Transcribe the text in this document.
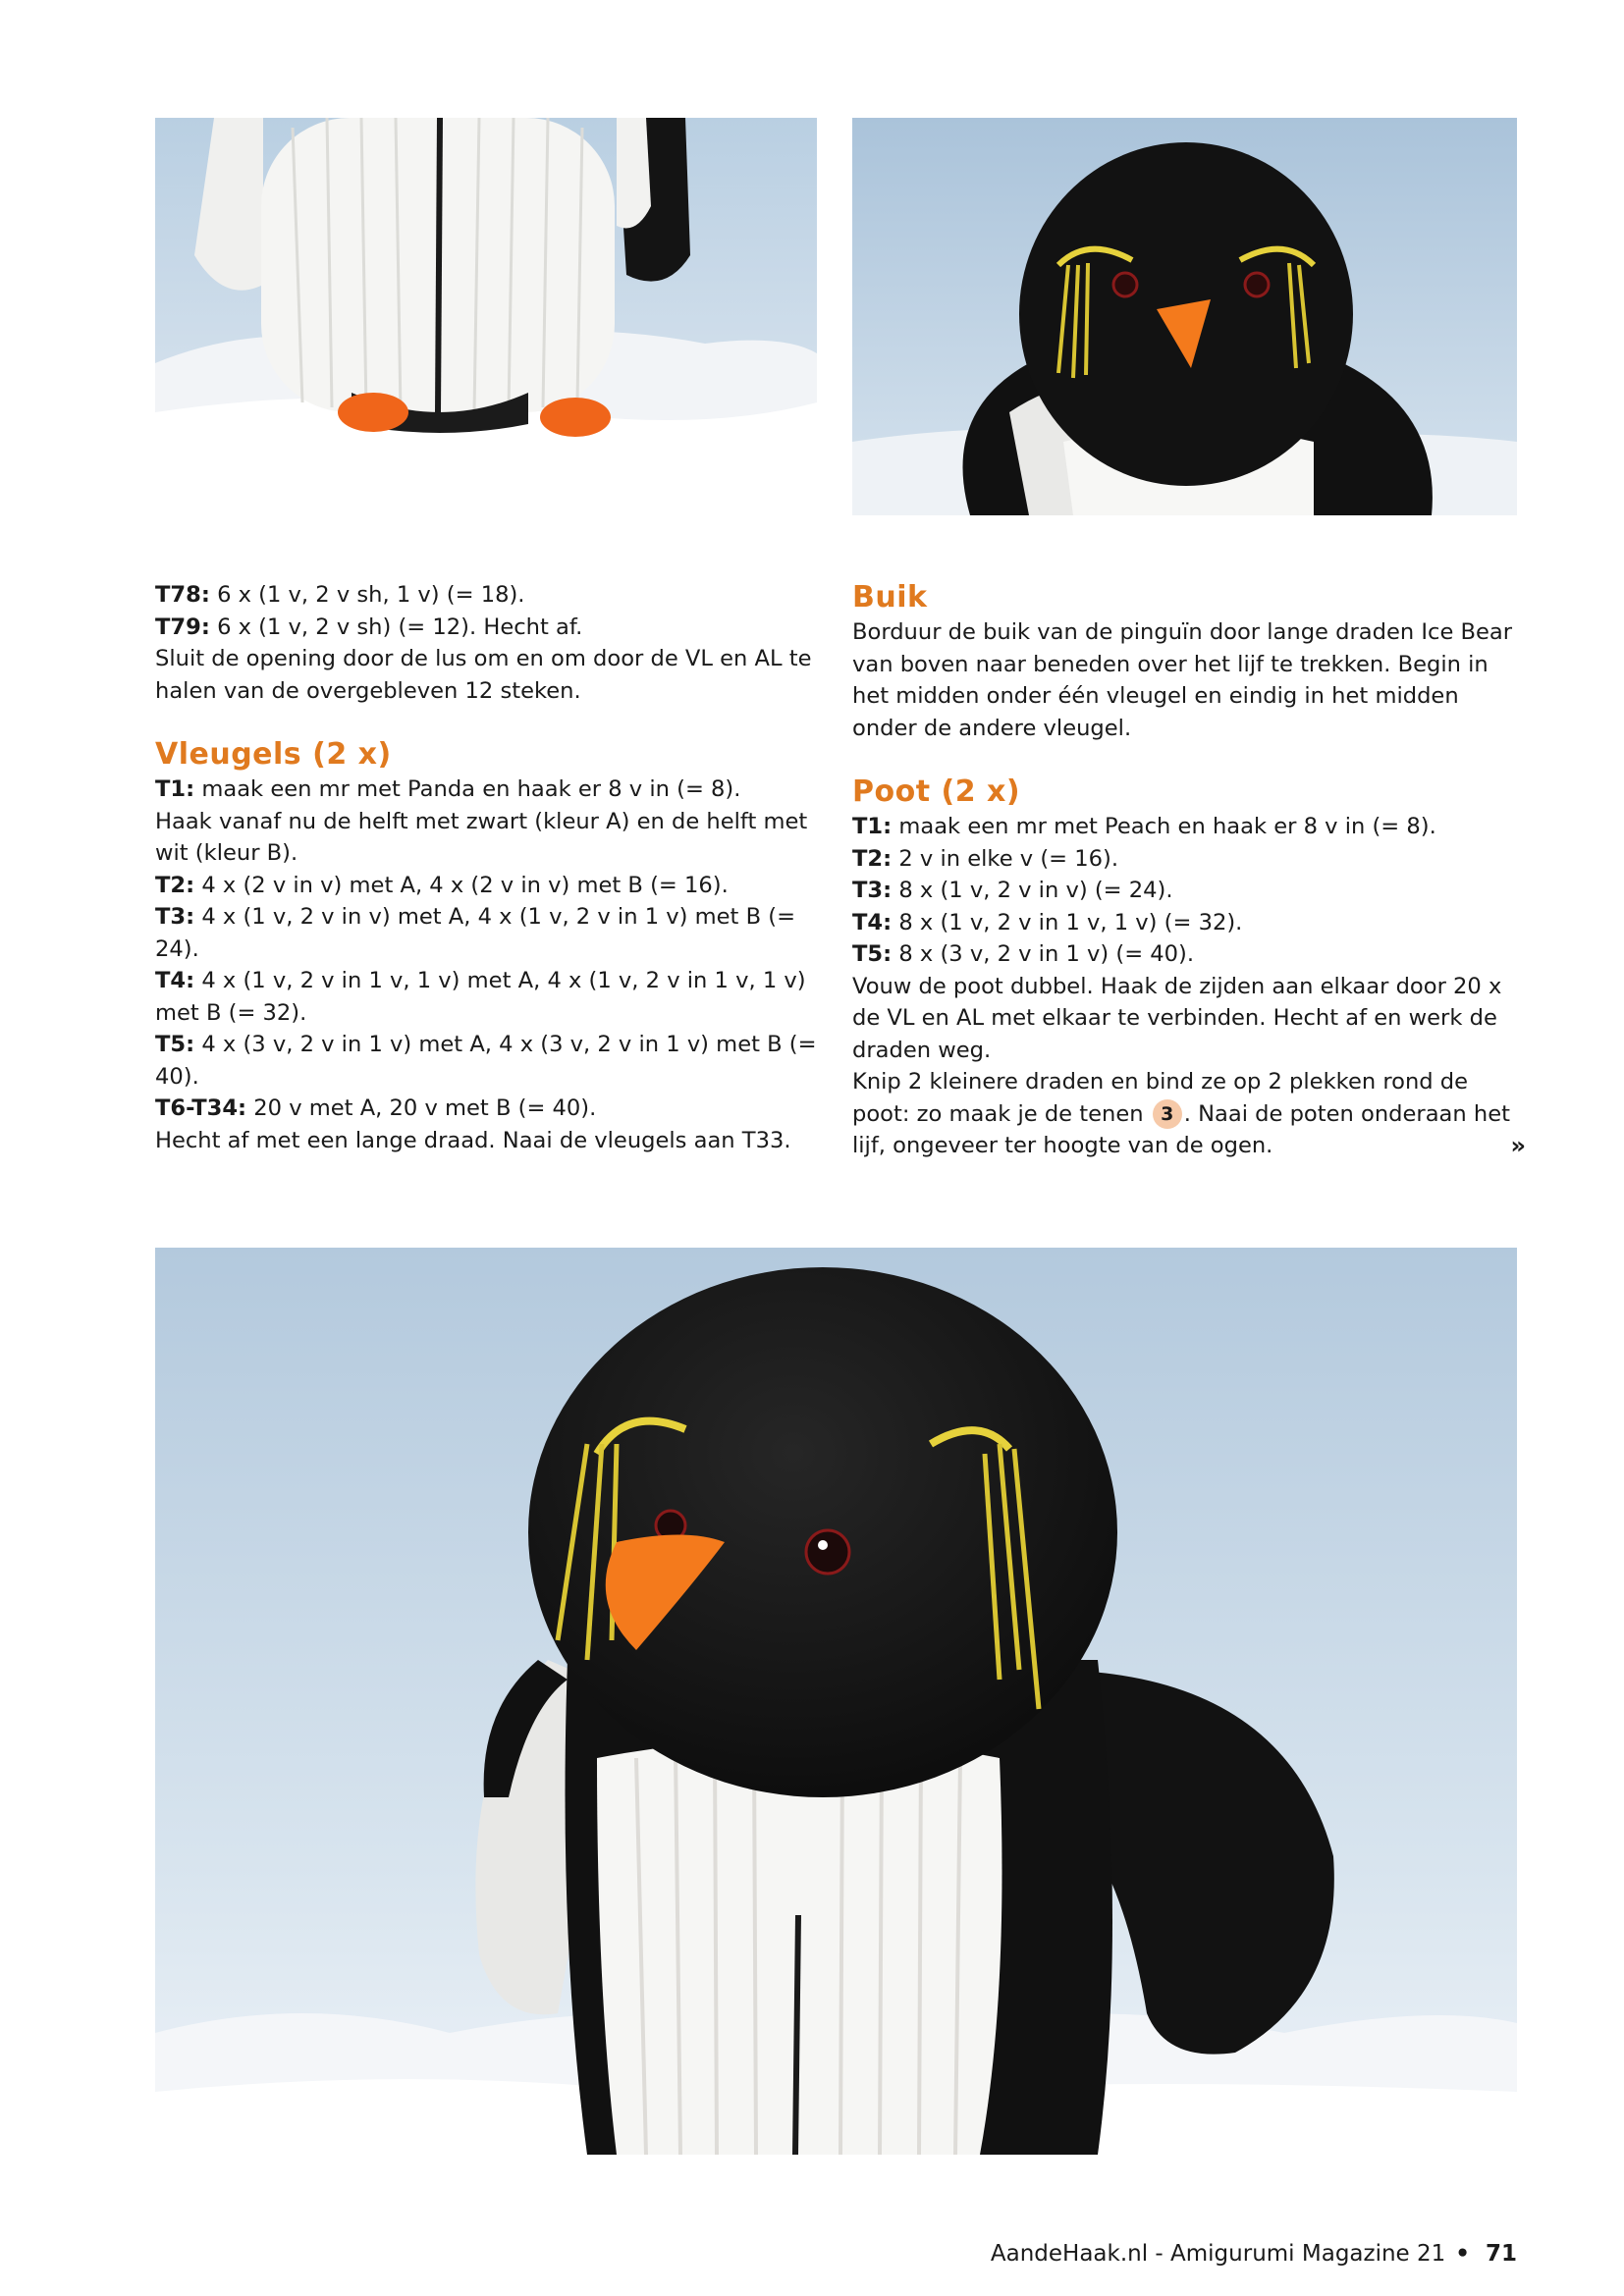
T78: 6 x (1 v, 2 v sh, 1 v) (= 18).

T79: 6 x (1 v, 2 v sh) (= 12). Hecht af.

Sluit de opening door de lus om en om door de VL en AL te halen van de overgebleven 12 steken.

Vleugels (2 x)

T1: maak een mr met Panda en haak er 8 v in (= 8).

Haak vanaf nu de helft met zwart (kleur A) en de helft met wit (kleur B).

T2: 4 x (2 v in v) met A, 4 x (2 v in v) met B (= 16).

T3: 4 x (1 v, 2 v in v) met A, 4 x (1 v, 2 v in 1 v) met B (= 24).

T4: 4 x (1 v, 2 v in 1 v, 1 v) met A, 4 x (1 v, 2 v in 1 v, 1 v) met B (= 32).

T5: 4 x (3 v, 2 v in 1 v) met A, 4 x (3 v, 2 v in 1 v) met B (= 40).

T6-T34: 20 v met A, 20 v met B (= 40).

Hecht af met een lange draad. Naai de vleugels aan T33.

Buik

Borduur de buik van de pinguïn door lange draden Ice Bear van boven naar beneden over het lijf te trekken. Begin in het midden onder één vleugel en eindig in het midden onder de andere vleugel.

Poot (2 x)

T1: maak een mr met Peach en haak er 8 v in (= 8).

T2: 2 v in elke v (= 16).

T3: 8 x (1 v, 2 v in v) (= 24).

T4: 8 x (1 v, 2 v in 1 v, 1 v) (= 32).

T5: 8 x (3 v, 2 v in 1 v) (= 40).

Vouw de poot dubbel. Haak de zijden aan elkaar door 20 x de VL en AL met elkaar te verbinden. Hecht af en werk de draden weg.

Knip 2 kleinere draden en bind ze op 2 plekken rond de poot: zo maak je de tenen 3 . Naai de poten onderaan het lijf, ongeveer ter hoogte van de ogen.	»

AandeHaak.nl - Amigurumi Magazine 21 • 71
